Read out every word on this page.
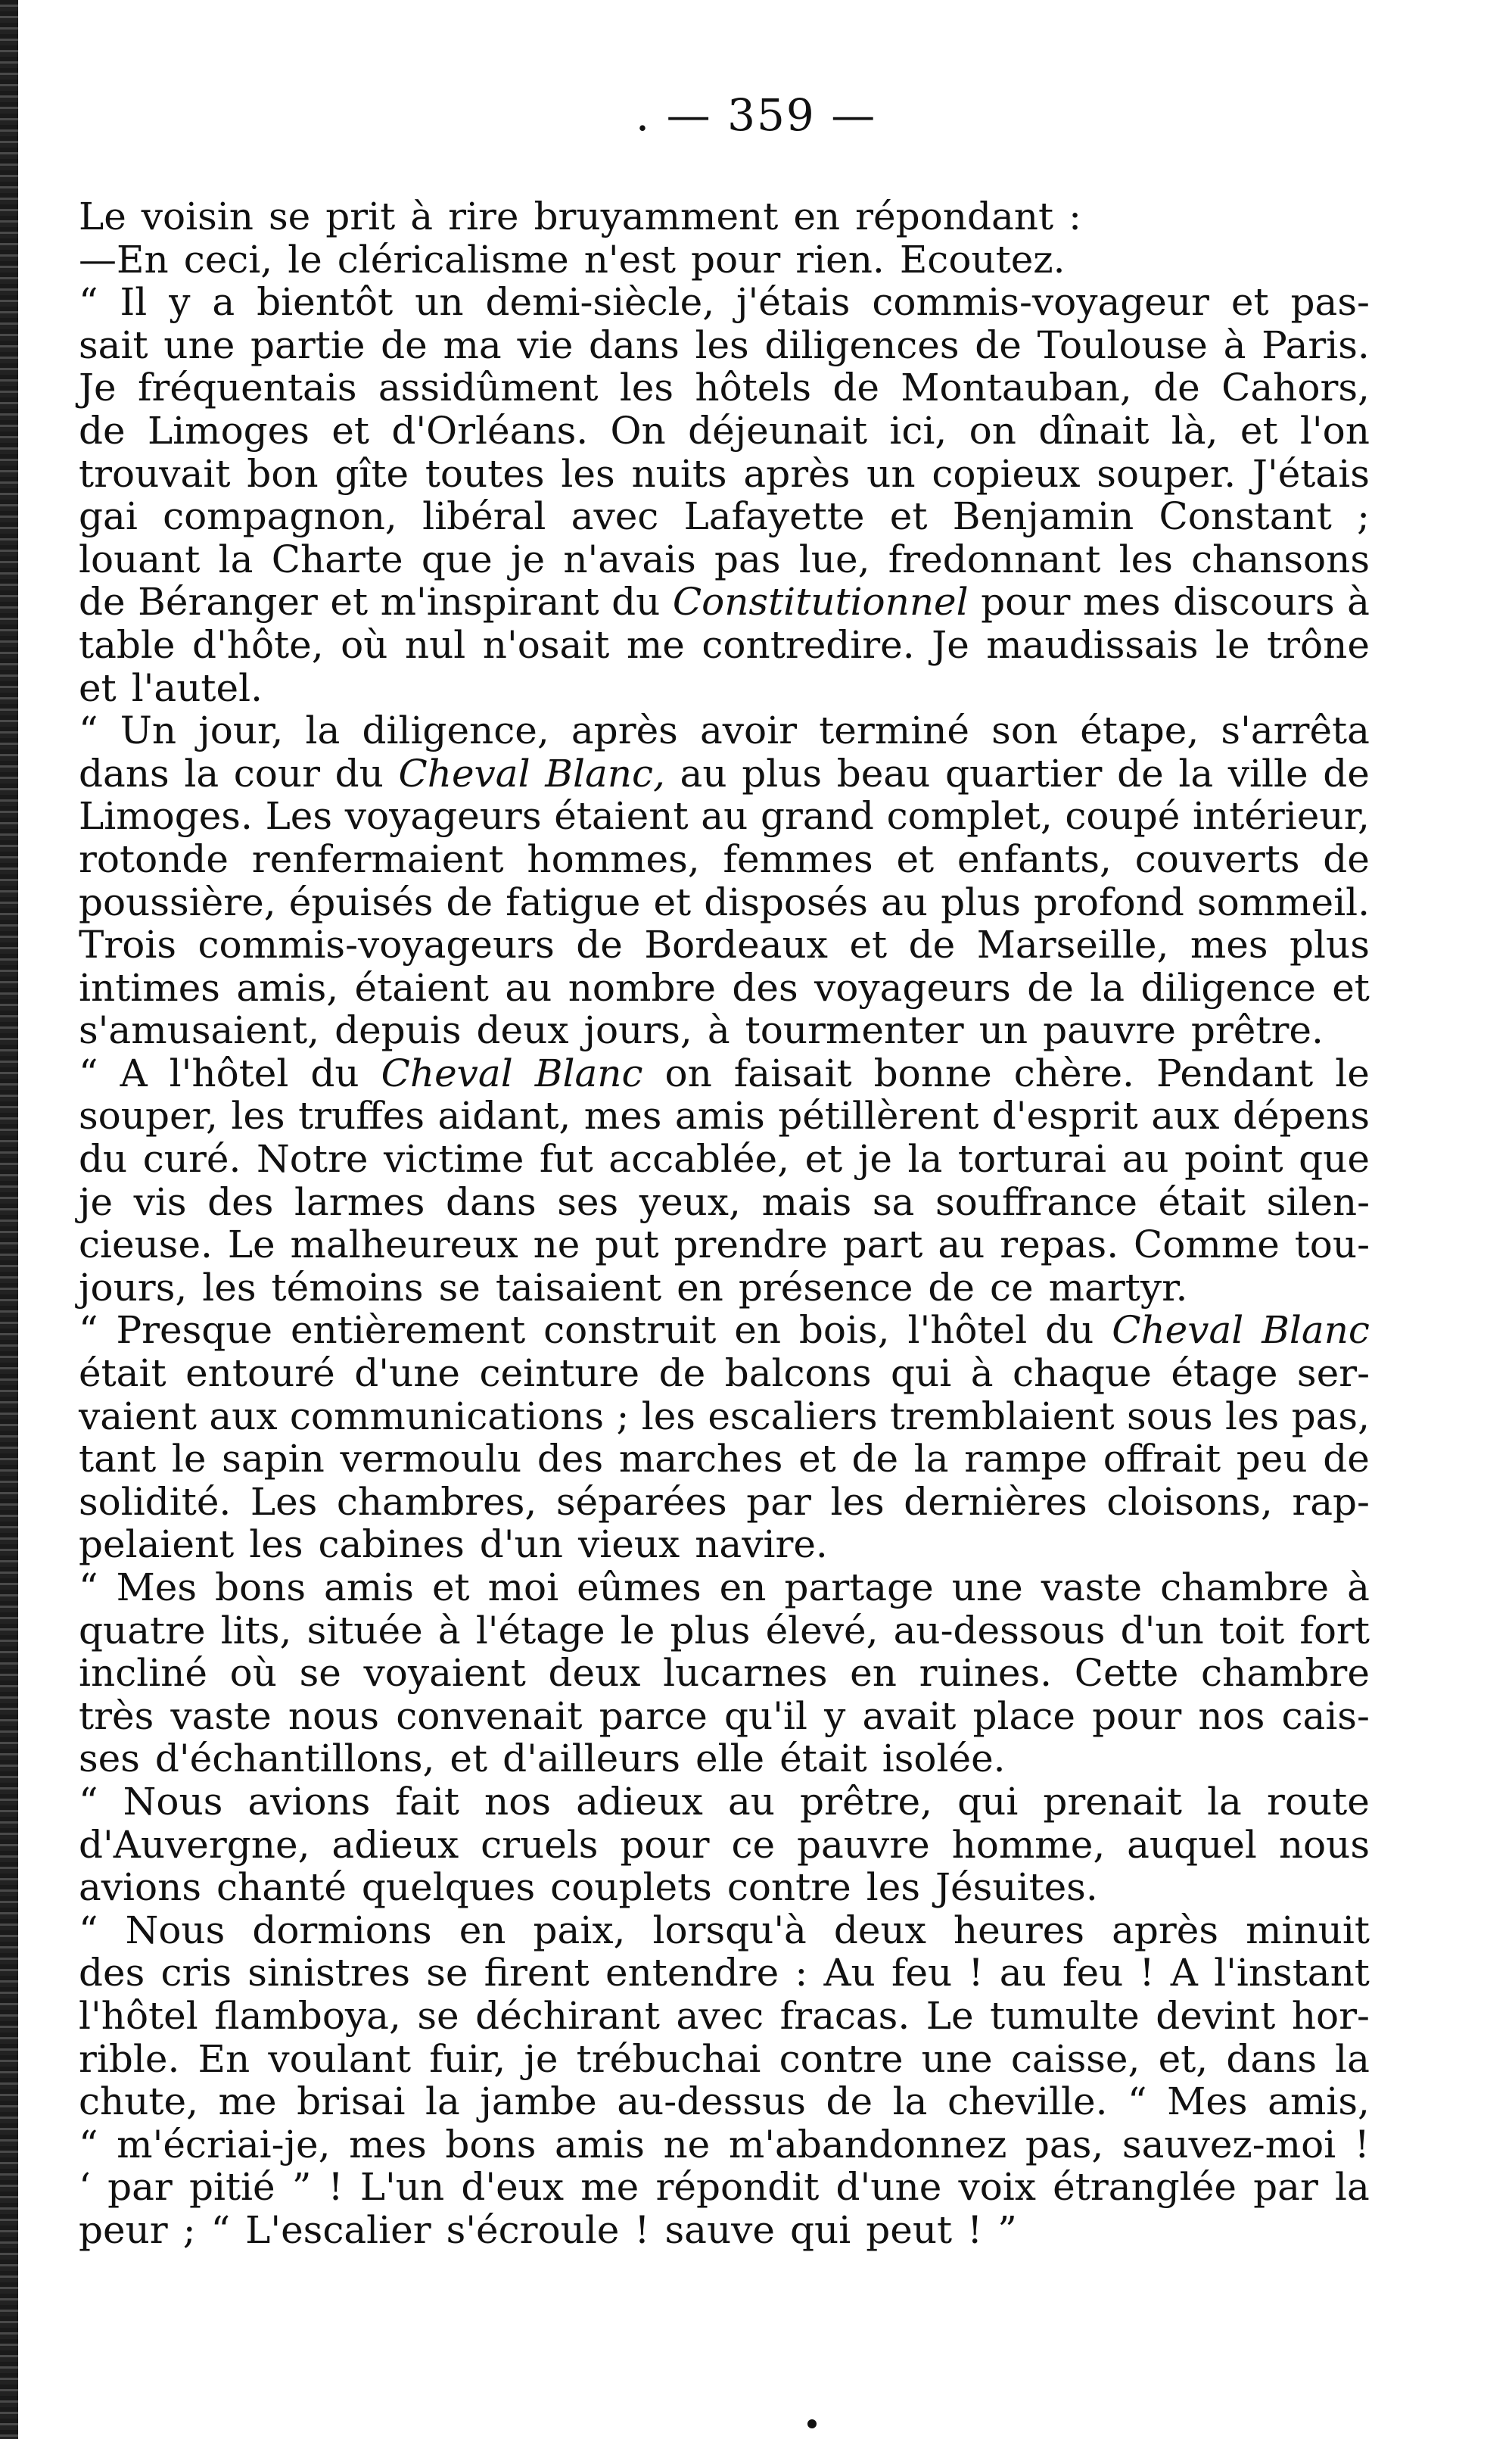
. — 359 —
Le voisin se prit à rire bruyamment en répondant :
—En ceci, le cléricalisme n'est pour rien. Ecoutez.
“ Il y a bientôt un demi-siècle, j'étais commis-voyageur et pas-
sait une partie de ma vie dans les diligences de Toulouse à Paris.
Je fréquentais assidûment les hôtels de Montauban, de Cahors,
de Limoges et d'Orléans. On déjeunait ici, on dînait là, et l'on
trouvait bon gîte toutes les nuits après un copieux souper. J'étais
gai compagnon, libéral avec Lafayette et Benjamin Constant ;
louant la Charte que je n'avais pas lue, fredonnant les chansons
de Béranger et m'inspirant du Constitutionnel pour mes discours à
table d'hôte, où nul n'osait me contredire. Je maudissais le trône
et l'autel.
“ Un jour, la diligence, après avoir terminé son étape, s'arrêta
dans la cour du Cheval Blanc, au plus beau quartier de la ville de
Limoges. Les voyageurs étaient au grand complet, coupé intérieur,
rotonde renfermaient hommes, femmes et enfants, couverts de
poussière, épuisés de fatigue et disposés au plus profond sommeil.
Trois commis-voyageurs de Bordeaux et de Marseille, mes plus
intimes amis, étaient au nombre des voyageurs de la diligence et
s'amusaient, depuis deux jours, à tourmenter un pauvre prêtre.
“ A l'hôtel du Cheval Blanc on faisait bonne chère. Pendant le
souper, les truffes aidant, mes amis pétillèrent d'esprit aux dépens
du curé. Notre victime fut accablée, et je la torturai au point que
je vis des larmes dans ses yeux, mais sa souffrance était silen-
cieuse. Le malheureux ne put prendre part au repas. Comme tou-
jours, les témoins se taisaient en présence de ce martyr.
“ Presque entièrement construit en bois, l'hôtel du Cheval Blanc
était entouré d'une ceinture de balcons qui à chaque étage ser-
vaient aux communications ; les escaliers tremblaient sous les pas,
tant le sapin vermoulu des marches et de la rampe offrait peu de
solidité. Les chambres, séparées par les dernières cloisons, rap-
pelaient les cabines d'un vieux navire.
“ Mes bons amis et moi eûmes en partage une vaste chambre à
quatre lits, située à l'étage le plus élevé, au-dessous d'un toit fort
incliné où se voyaient deux lucarnes en ruines. Cette chambre
très vaste nous convenait parce qu'il y avait place pour nos cais-
ses d'échantillons, et d'ailleurs elle était isolée.
“ Nous avions fait nos adieux au prêtre, qui prenait la route
d'Auvergne, adieux cruels pour ce pauvre homme, auquel nous
avions chanté quelques couplets contre les Jésuites.
“ Nous dormions en paix, lorsqu'à deux heures après minuit
des cris sinistres se firent entendre : Au feu ! au feu ! A l'instant
l'hôtel flamboya, se déchirant avec fracas. Le tumulte devint hor-
rible. En voulant fuir, je trébuchai contre une caisse, et, dans la
chute, me brisai la jambe au-dessus de la cheville. “ Mes amis,
“ m'écriai-je, mes bons amis ne m'abandonnez pas, sauvez-moi !
‘ par pitié ” ! L'un d'eux me répondit d'une voix étranglée par la
peur ; “ L'escalier s'écroule ! sauve qui peut ! ”
